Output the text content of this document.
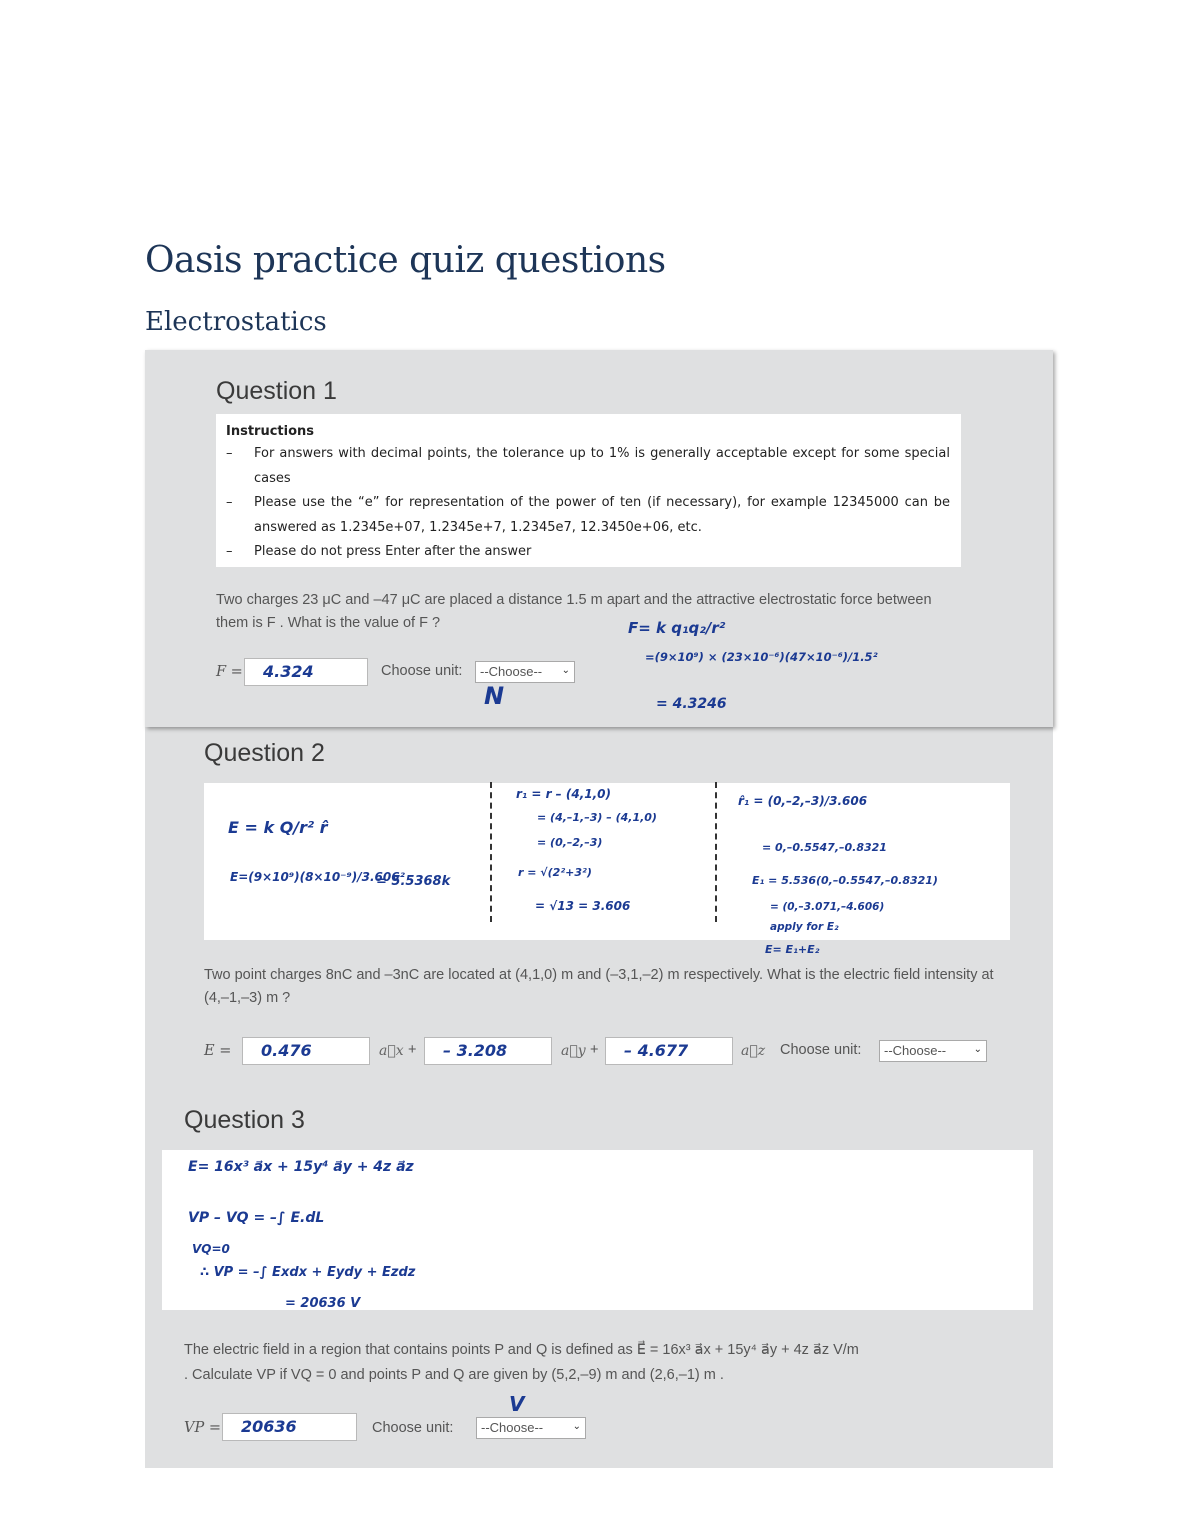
Oasis practice quiz questions
Electrostatics
Question 1
Instructions
– For answers with decimal points, the tolerance up to 1% is generally acceptable except for some special cases
– Please use the “e” for representation of the power of ten (if necessary), for example 12345000 can be answered as 1.2345e+07, 1.2345e+7, 1.2345e7, 12.3450e+06, etc.
– Please do not press Enter after the answer
Two charges 23 μC and –47 μC are placed a distance 1.5 m apart and the attractive electrostatic force between them is F . What is the value of F ?
F =	4.324	Choose unit:	--Choose-- ⌄
N
F= k q₁q₂/r²
=(9×10⁹) × (23×10⁻⁶)(47×10⁻⁶)/1.5²
= 4.3246
Question 2
E = k Q/r² r̂
E=(9×10⁹)(8×10⁻⁹)/3.606²
= 5.5368k
r₁ = r – (4,1,0)
= (4,–1,–3) – (4,1,0)
= (0,–2,–3)
r = √(2²+3²)
= √13 = 3.606
r̂₁ = (0,–2,–3)/3.606
= 0,–0.5547,–0.8321
E₁ = 5.536(0,–0.5547,–0.8321)
= (0,–3.071,–4.606)
apply for E₂
E= E₁+E₂
Two point charges 8nC and –3nC are located at (4,1,0) m and (–3,1,–2) m respectively. What is the electric field intensity at (4,–1,–3) m ?
E =	0.476	a⃗x +	– 3.208	a⃗y +	– 4.677	a⃗z Choose unit:	--Choose--	⌄
Question 3
E= 16x³ a⃗x + 15y⁴ a⃗y + 4z a⃗z
VP – VQ = –∫ E.dL
VQ=0
∴ VP = –∫ Exdx + Eydy + Ezdz
= 20636 V
The electric field in a region that contains points P and Q is defined as E⃗ = 16x³ a⃗x + 15y⁴ a⃗y + 4z a⃗z V/m
. Calculate VP if VQ = 0 and points P and Q are given by (5,2,–9) m and (2,6,–1) m .
V
VP =	20636	Choose unit:	--Choose--	⌄
